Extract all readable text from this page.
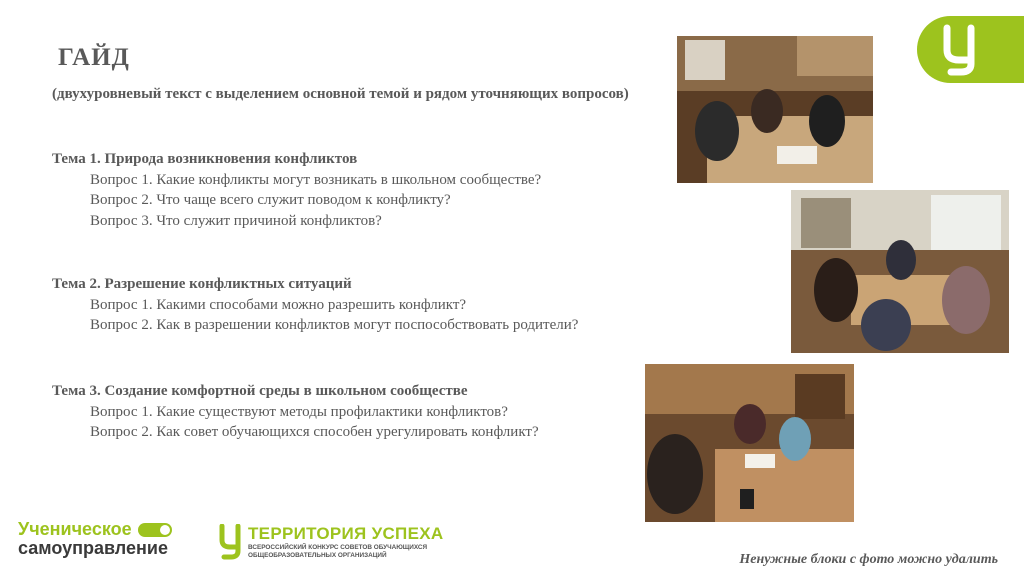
ГАЙД
(двухуровневый текст с выделением основной темой и рядом уточняющих вопросов)
Тема 1. Природа возникновения конфликтов
Вопрос 1. Какие конфликты могут возникать в школьном сообществе?
Вопрос 2. Что чаще всего служит поводом к конфликту?
Вопрос 3. Что служит причиной конфликтов?
Тема 2. Разрешение конфликтных ситуаций
Вопрос 1. Какими способами можно разрешить конфликт?
Вопрос 2. Как в разрешении конфликтов могут поспособствовать родители?
Тема 3. Создание комфортной среды в школьном сообществе
Вопрос 1. Какие существуют методы профилактики конфликтов?
Вопрос 2. Как совет обучающихся способен урегулировать конфликт?
Ученическое
самоуправление
ТЕРРИТОРИЯ УСПЕХА
ВСЕРОССИЙСКИЙ КОНКУРС СОВЕТОВ ОБУЧАЮЩИХСЯ
ОБЩЕОБРАЗОВАТЕЛЬНЫХ ОРГАНИЗАЦИЙ	Ненужные блоки с фото можно удалить
